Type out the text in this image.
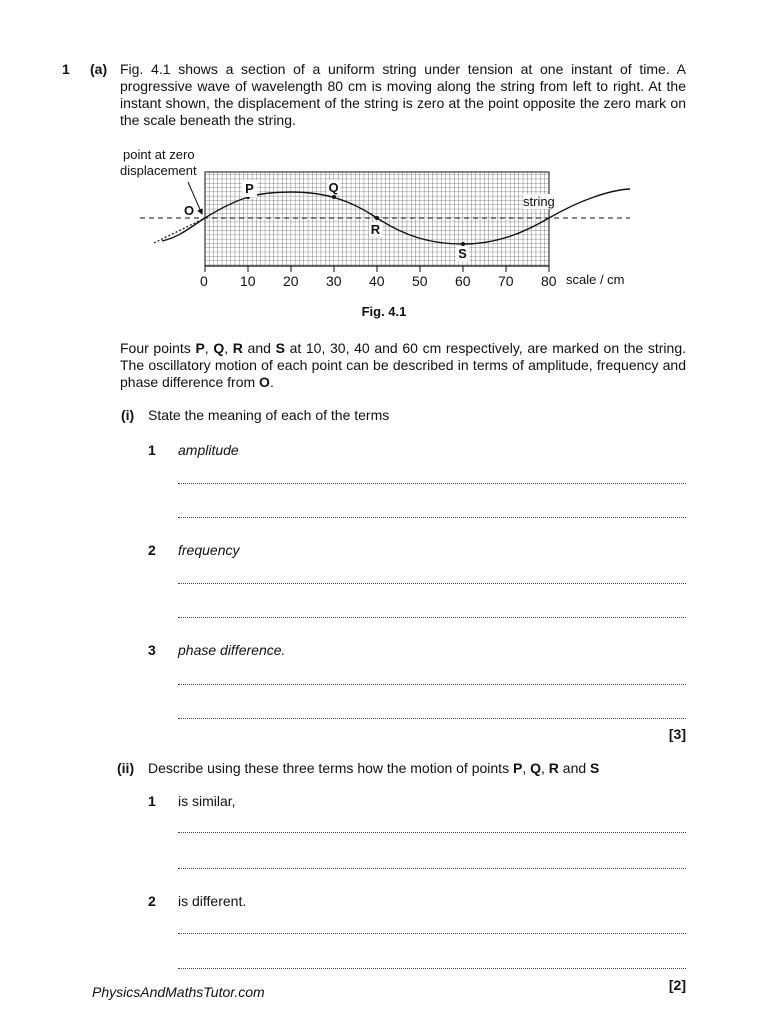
1 (a) Fig. 4.1 shows a section of a uniform string under tension at one instant of time. A progressive wave of wavelength 80 cm is moving along the string from left to right. At the instant shown, the displacement of the string is zero at the point opposite the zero mark on the scale beneath the string.
point at zero
displacement
P	Q
R
S
O
string
0 10 20 30 40 50 60 70 80 scale / cm
Fig. 4.1
Four points P, Q, R and S at 10, 30, 40 and 60 cm respectively, are marked on the string. The oscillatory motion of each point can be described in terms of amplitude, frequency and phase difference from O.
(i) State the meaning of each of the terms
1 amplitude
2 frequency
3 phase difference.
[3]
(ii) Describe using these three terms how the motion of points P, Q, R and S
1 is similar,
2 is different.
[2]
PhysicsAndMathsTutor.com
